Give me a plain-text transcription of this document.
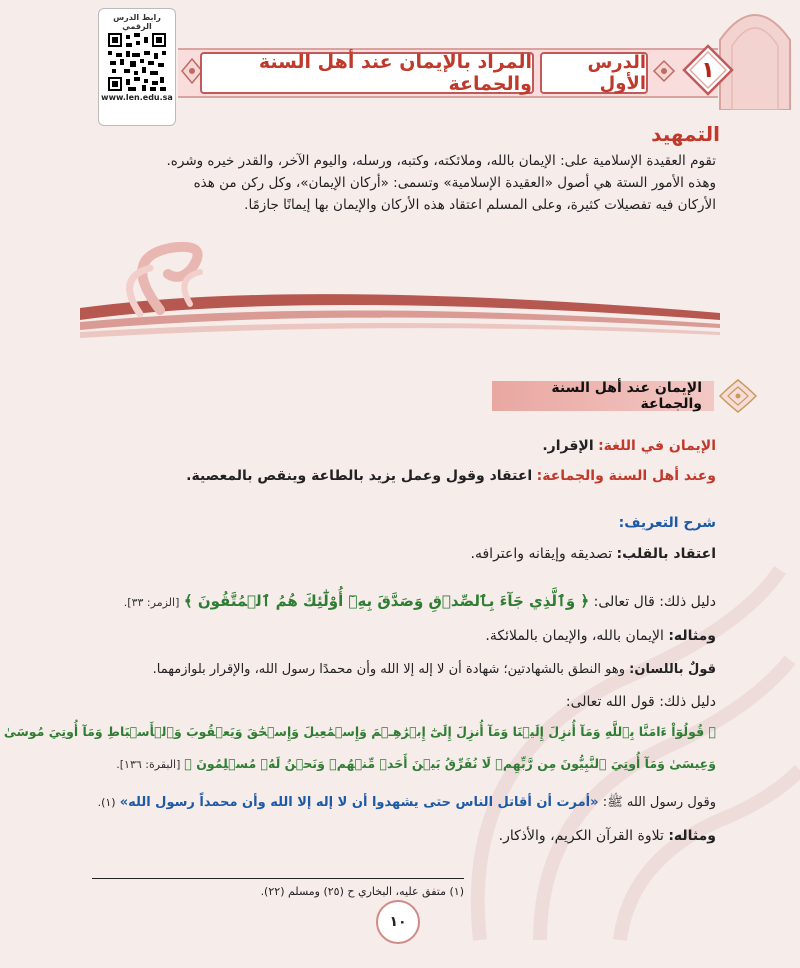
المراد بالإيمان عند أهل السنة والجماعة
الدرس الأول
١
رابط الدرس الرقمي
www.len.edu.sa
التمهيد

تقوم العقيدة الإسلامية على: الإيمان بالله، وملائكته، وكتبه، ورسله، واليوم الآخر، والقدر خيره وشره.

وهذه الأمور الستة هي أصول «العقيدة الإسلامية» وتسمى: «أركان الإيمان»، وكل ركن من هذه

الأركان فيه تفصيلات كثيرة، وعلى المسلم اعتقاد هذه الأركان والإيمان بها إيمانًا جازمًا.

الإيمان عند أهل السنة والجماعة
الإيمان في اللغة: الإقرار.
وعند أهل السنة والجماعة: اعتقاد وقول وعمل يزيد بالطاعة وينقص بالمعصية.
شرح التعريف:
اعتقاد بالقلب: تصديقه وإيقانه واعترافه.
دليل ذلك: قال تعالى: ﴿ وَٱلَّذِي جَآءَ بِٱلصِّدۡقِ وَصَدَّقَ بِهِۦٓ أُوْلَٰٓئِكَ هُمُ ٱلۡمُتَّقُونَ ﴾ [الزمر: ٣٣].
ومثاله: الإيمان بالله، والإيمان بالملائكة.
قولٌ باللسان: وهو النطق بالشهادتين؛ شهادة أن لا إله إلا الله وأن محمدًا رسول الله، والإقرار بلوازمهما.
دليل ذلك: قول الله تعالى:
﴿ قُولُوٓاْ ءَامَنَّا بِٱللَّهِ وَمَآ أُنزِلَ إِلَيۡنَا وَمَآ أُنزِلَ إِلَىٰٓ إِبۡرَٰهِـۧمَ وَإِسۡمَٰعِيلَ وَإِسۡحَٰقَ وَيَعۡقُوبَ وَٱلۡأَسۡبَاطِ وَمَآ أُوتِيَ مُوسَىٰ
وَعِيسَىٰ وَمَآ أُوتِيَ ٱلنَّبِيُّونَ مِن رَّبِّهِمۡ لَا نُفَرِّقُ بَيۡنَ أَحَدٖ مِّنۡهُمۡ وَنَحۡنُ لَهُۥ مُسۡلِمُونَ ﴾ [البقرة: ١٣٦].
وقول رسول الله ﷺ: «أمرت أن أقاتل الناس حتى يشهدوا أن لا إله إلا الله وأن محمداً رسول الله» (١).
ومثاله: تلاوة القرآن الكريم، والأذكار.
(١) متفق عليه، البخاري ح (٢٥) ومسلم (٢٢).
١٠
